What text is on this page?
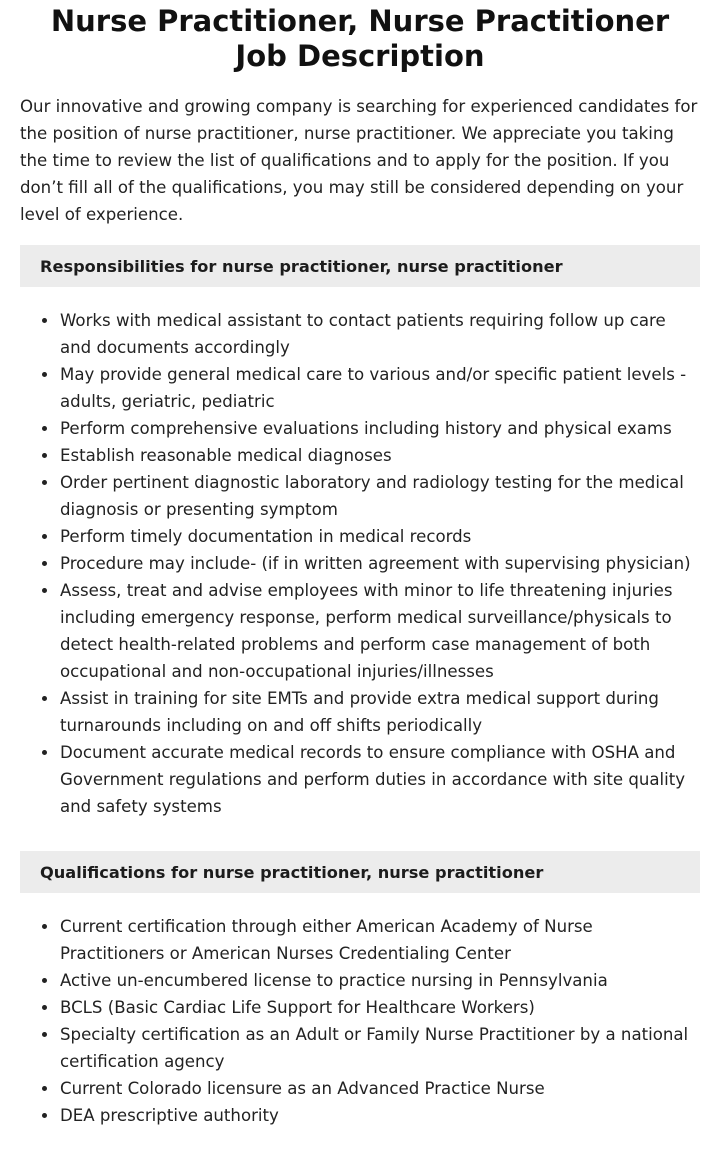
Nurse Practitioner, Nurse Practitioner Job Description

Our innovative and growing company is searching for experienced candidates for the position of nurse practitioner, nurse practitioner. We appreciate you taking the time to review the list of qualifications and to apply for the position. If you don’t fill all of the qualifications, you may still be considered depending on your level of experience.

Responsibilities for nurse practitioner, nurse practitioner
Works with medical assistant to contact patients requiring follow up care and documents accordingly
May provide general medical care to various and/or specific patient levels - adults, geriatric, pediatric
Perform comprehensive evaluations including history and physical exams
Establish reasonable medical diagnoses
Order pertinent diagnostic laboratory and radiology testing for the medical diagnosis or presenting symptom
Perform timely documentation in medical records
Procedure may include- (if in written agreement with supervising physician)
Assess, treat and advise employees with minor to life threatening injuries including emergency response, perform medical surveillance/physicals to detect health-related problems and perform case management of both occupational and non-occupational injuries/illnesses
Assist in training for site EMTs and provide extra medical support during turnarounds including on and off shifts periodically
Document accurate medical records to ensure compliance with OSHA and Government regulations and perform duties in accordance with site quality and safety systems
Qualifications for nurse practitioner, nurse practitioner
Current certification through either American Academy of Nurse Practitioners or American Nurses Credentialing Center
Active un-encumbered license to practice nursing in Pennsylvania
BCLS (Basic Cardiac Life Support for Healthcare Workers)
Specialty certification as an Adult or Family Nurse Practitioner by a national certification agency
Current Colorado licensure as an Advanced Practice Nurse
DEA prescriptive authority
